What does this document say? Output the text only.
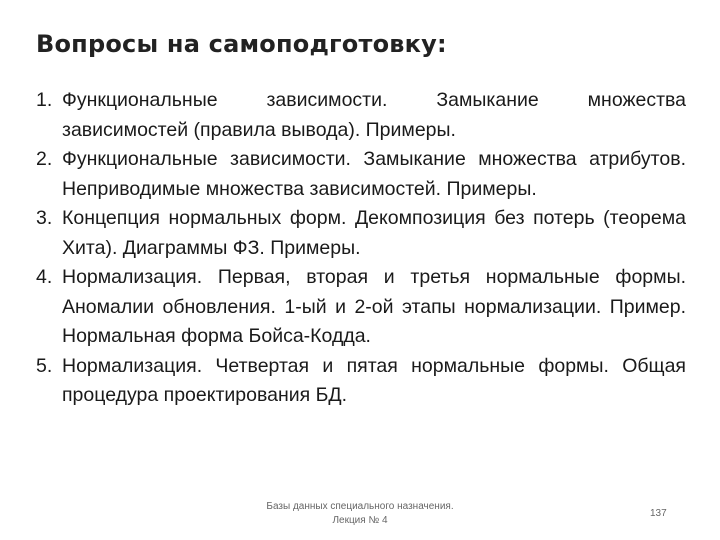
Вопросы на самоподготовку:
1. Функциональные зависимости. Замыкание множества зависимостей (правила вывода). Примеры.
2. Функциональные зависимости. Замыкание множества атрибутов. Неприводимые множества зависимостей. Примеры.
3. Концепция нормальных форм. Декомпозиция без потерь (теорема Хита). Диаграммы ФЗ. Примеры.
4. Нормализация. Первая, вторая и третья нормальные формы. Аномалии обновления. 1-ый и 2-ой этапы нормализации. Пример. Нормальная форма Бойса-Кодда.
5. Нормализация. Четвертая и пятая нормальные формы. Общая процедура проектирования БД.
Базы данных специального назначения.
Лекция № 4
137
